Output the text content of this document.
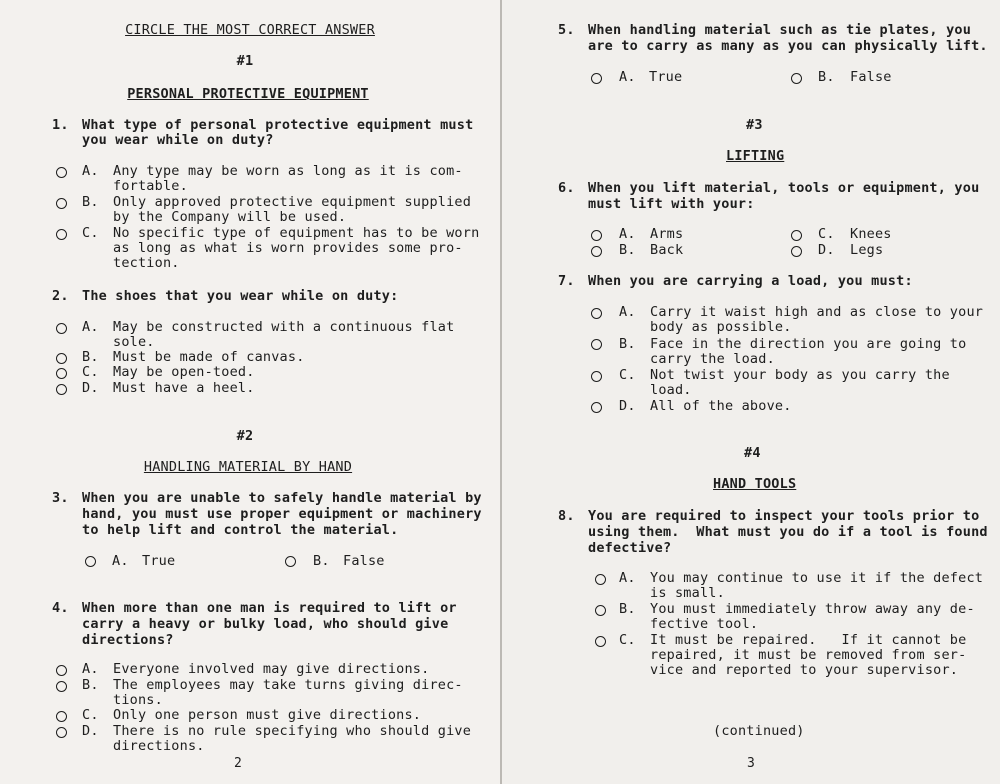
CIRCLE THE MOST CORRECT ANSWER
#1
PERSONAL PROTECTIVE EQUIPMENT
1. What type of personal protective equipment must
you wear while on duty?
A. Any type may be worn as long as it is com-
fortable.
B. Only approved protective equipment supplied
by the Company will be used.
C. No specific type of equipment has to be worn
as long as what is worn provides some pro-
tection.
2. The shoes that you wear while on duty:
A. May be constructed with a continuous flat
sole.
B. Must be made of canvas.
C. May be open-toed.
D. Must have a heel.
#2
HANDLING MATERIAL BY HAND
3. When you are unable to safely handle material by
hand, you must use proper equipment or machinery
to help lift and control the material.
A. True	B. False
4. When more than one man is required to lift or
carry a heavy or bulky load, who should give
directions?
A. Everyone involved may give directions.
B. The employees may take turns giving direc-
tions.
C. Only one person must give directions.
D. There is no rule specifying who should give
directions.
2
5. When handling material such as tie plates, you
are to carry as many as you can physically lift.
A. True	B. False
#3
LIFTING
6. When you lift material, tools or equipment, you
must lift with your:
A. Arms
B. Back
C. Knees
D. Legs
7. When you are carrying a load, you must:
A. Carry it waist high and as close to your
body as possible.
B. Face in the direction you are going to
carry the load.
C. Not twist your body as you carry the
load.
D. All of the above.
#4
HAND TOOLS
8. You are required to inspect your tools prior to
using them.  What must you do if a tool is found
defective?
A. You may continue to use it if the defect
is small.
B. You must immediately throw away any de-
fective tool.
C. It must be repaired.   If it cannot be
repaired, it must be removed from ser-
vice and reported to your supervisor.
(continued)
3
